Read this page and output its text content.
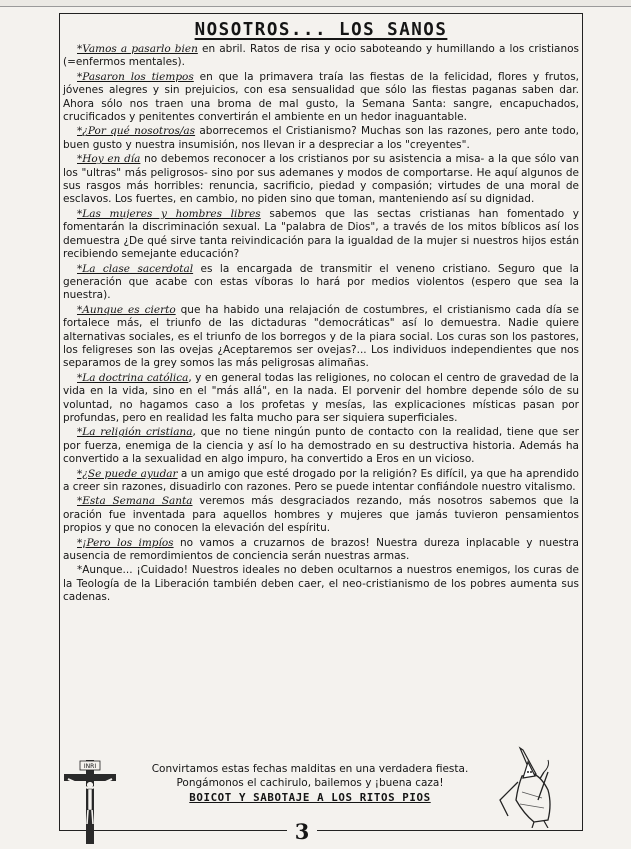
NOSOTROS... LOS SANOS

*Vamos a pasarlo bien en abril. Ratos de risa y ocio saboteando y humillando a los cristianos (=enfermos mentales).

*Pasaron los tiempos en que la primavera traía las fiestas de la felicidad, flores y frutos, jóvenes alegres y sin prejuicios, con esa sensualidad que sólo las fiestas paganas saben dar. Ahora sólo nos traen una broma de mal gusto, la Semana Santa: sangre, encapuchados, crucificados y penitentes convertirán el ambiente en un hedor inaguantable.

*¿Por qué nosotros/as aborrecemos el Cristianismo? Muchas son las razones, pero ante todo, buen gusto y nuestra insumisión, nos llevan ir a despreciar a los "creyentes".

*Hoy en día no debemos reconocer a los cristianos por su asistencia a misa- a la que sólo van los "ultras" más peligrosos- sino por sus ademanes y modos de comportarse. He aquí algunos de sus rasgos más horribles: renuncia, sacrificio, piedad y compasión; virtudes de una moral de esclavos. Los fuertes, en cambio, no piden sino que toman, manteniendo así su dignidad.

*Las mujeres y hombres libres sabemos que las sectas cristianas han fomentado y fomentarán la discriminación sexual. La "palabra de Dios", a través de los mitos bíblicos así los demuestra ¿De qué sirve tanta reivindicación para la igualdad de la mujer si nuestros hijos están recibiendo semejante educación?

*La clase sacerdotal es la encargada de transmitir el veneno cristiano. Seguro que la generación que acabe con estas víboras lo hará por medios violentos (espero que sea la nuestra).

*Aunque es cierto que ha habido una relajación de costumbres, el cristianismo cada día se fortalece más, el triunfo de las dictaduras "democráticas" así lo demuestra. Nadie quiere alternativas sociales, es el triunfo de los borregos y de la piara social. Los curas son los pastores, los feligreses son las ovejas ¿Aceptaremos ser ovejas?... Los individuos independientes que nos separamos de la grey somos las más peligrosas alimañas.

*La doctrina católica, y en general todas las religiones, no colocan el centro de gravedad de la vida en la vida, sino en el "más allá", en la nada. El porvenir del hombre depende sólo de su voluntad, no hagamos caso a los profetas y mesías, las explicaciones místicas pasan por profundas, pero en realidad les falta mucho para ser siquiera superficiales.

*La religión cristiana, que no tiene ningún punto de contacto con la realidad, tiene que ser por fuerza, enemiga de la ciencia y así lo ha demostrado en su destructiva historia. Además ha convertido a la sexualidad en algo impuro, ha convertido a Eros en un vicioso.

*¿Se puede ayudar a un amigo que esté drogado por la religión? Es difícil, ya que ha aprendido a creer sin razones, disuadirlo con razones. Pero se puede intentar confiándole nuestro vitalismo.

*Esta Semana Santa veremos más desgraciados rezando, más nosotros sabemos que la oración fue inventada para aquellos hombres y mujeres que jamás tuvieron pensamientos propios y que no conocen la elevación del espíritu.

*¡Pero los impíos no vamos a cruzarnos de brazos! Nuestra dureza inplacable y nuestra ausencia de remordimientos de conciencia serán nuestras armas.

*Aunque... ¡Cuidado! Nuestros ideales no deben ocultarnos a nuestros enemigos, los curas de la Teología de la Liberación también deben caer, el neo-cristianismo de los pobres aumenta sus cadenas.

INRI	Convirtamos estas fechas malditas en una verdadera fiesta.
Pongámonos el cachirulo, bailemos y ¡buena caza!
BOICOT Y SABOTAJE A LOS RITOS PIOS
3
